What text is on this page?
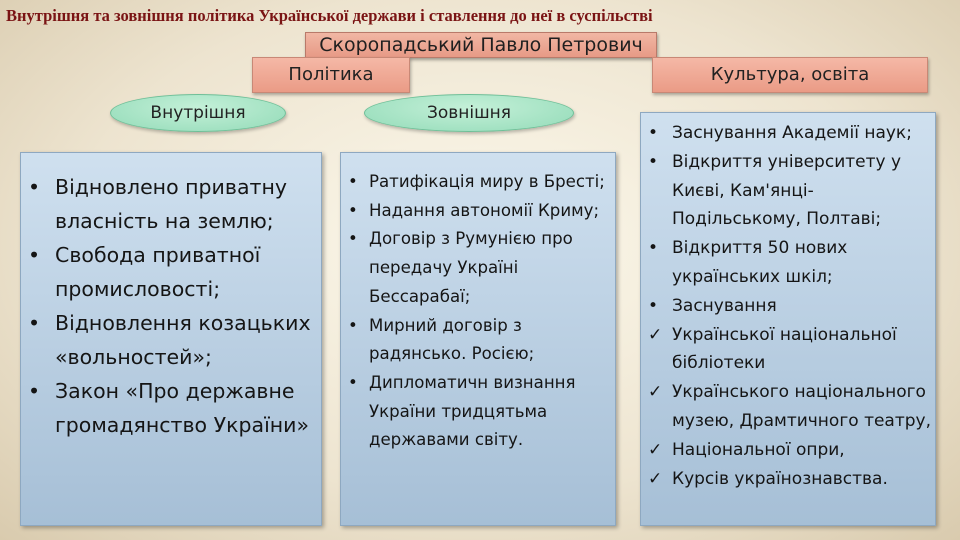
Внутрішня та зовнішня політика Української держави і ставлення до неї в суспільстві
Скоропадський Павло Петрович
Політика	Культура, освіта
Внутрішня	Зовнішня
• Відновлено приватну власність на землю;
• Свобода приватної промисловості;
• Відновлення козацьких «вольностей»;
• Закон «Про державне громадянство України»
• Ратифікація миру в Бресті;
• Надання автономії Криму;
• Договір з Румунією про передачу Україні Бессарабаї;
• Мирний договір з радянсько. Росією;
• Дипломатичн визнання України тридцятьма державами світу.
• Заснування Академії наук;
• Відкриття університету у Києві, Кам'янці-Подільському, Полтаві;
• Відкриття 50 нових українських шкіл;
• Заснування
✓ Української національної бібліотеки
✓ Українського національного музею, Драмтичного театру,
✓ Національної опри,
✓ Курсів українознавства.
